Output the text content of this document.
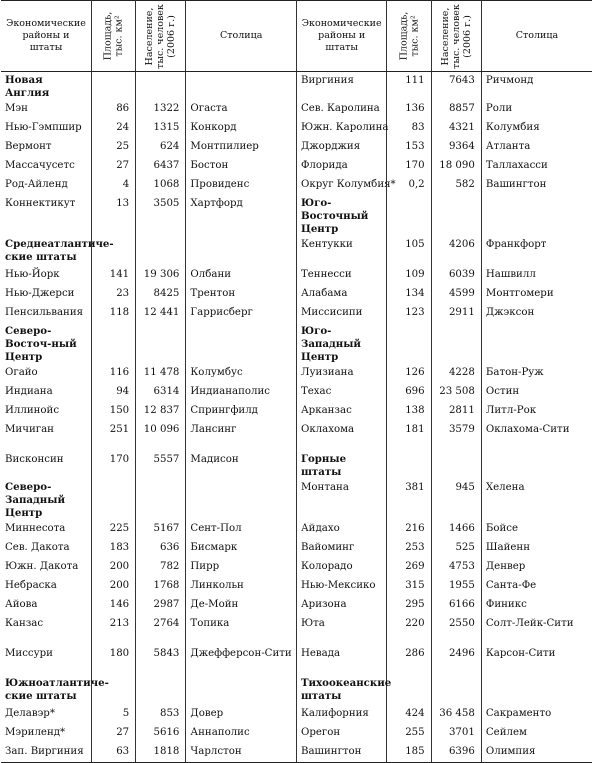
Экономические районы и штаты	Площадь,
тыс. км²	Население,
тыс. человек
(2006 г.)	Столица	Экономические районы и штаты	Площадь,
тыс. км²	Население,
тыс. человек
(2006 г.)	Столица
Новая Англия				Виргиния	111	7643	Ричмонд
Мэн	86	1322	Огаста	Сев. Каролина	136	8857	Роли
Нью-Гэмпшир	24	1315	Конкорд	Южн. Каролина	83	4321	Колумбия
Вермонт	25	624	Монтпилиер	Джорджия	153	9364	Атланта
Массачусетс	27	6437	Бостон	Флорида	170	18 090	Таллахасси
Род-Айленд	4	1068	Провиденс	Округ Колумбия*	0,2	582	Вашингтон
Коннектикут	13	3505	Хартфорд	Юго-Восточный Центр			
Среднеатлантиче-ские штаты				Кентукки	105	4206	Франкфорт
Нью-Йорк	141	19 306	Олбани	Теннесси	109	6039	Нашвилл
Нью-Джерси	23	8425	Трентон	Алабама	134	4599	Монтгомери
Пенсильвания	118	12 441	Гаррисберг	Миссисипи	123	2911	Джэксон
Северо-Восточ-ный Центр				Юго-Западный Центр			
Огайо	116	11 478	Колумбус	Луизиана	126	4228	Батон-Руж
Индиана	94	6314	Индианаполис	Техас	696	23 508	Остин
Иллинойс	150	12 837	Спрингфилд	Арканзас	138	2811	Литл-Рок
Мичиган	251	10 096	Лансинг	Оклахома	181	3579	Оклахома-Сити
Висконсин	170	5557	Мадисон	Горные штаты			
Северо-Западный Центр				Монтана	381	945	Хелена
Миннесота	225	5167	Сент-Пол	Айдахо	216	1466	Бойсе
Сев. Дакота	183	636	Бисмарк	Вайоминг	253	525	Шайенн
Южн. Дакота	200	782	Пирр	Колорадо	269	4753	Денвер
Небраска	200	1768	Линкольн	Нью-Мексико	315	1955	Санта-Фе
Айова	146	2987	Де-Мойн	Аризона	295	6166	Финикс
Канзас	213	2764	Топика	Юта	220	2550	Солт-Лейк-Сити
Миссури	180	5843	Джефферсон-Сити	Невада	286	2496	Карсон-Сити
Южноатлантиче-ские штаты				Тихоокеанские штаты			
Делавэр*	5	853	Довер	Калифорния	424	36 458	Сакраменто
Мэриленд*	27	5616	Аннаполис	Орегон	255	3701	Сейлем
Зап. Виргиния	63	1818	Чарлстон	Вашингтон	185	6396	Олимпия
